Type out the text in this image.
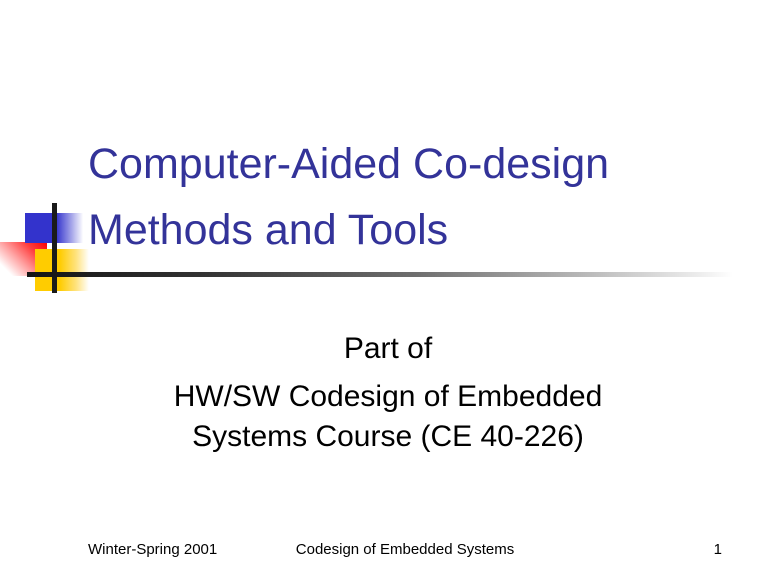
Computer-Aided Co-design
Methods and Tools
Part of
HW/SW Codesign of Embedded
Systems Course (CE 40-226)
Winter-Spring 2001	Codesign of Embedded Systems	1
